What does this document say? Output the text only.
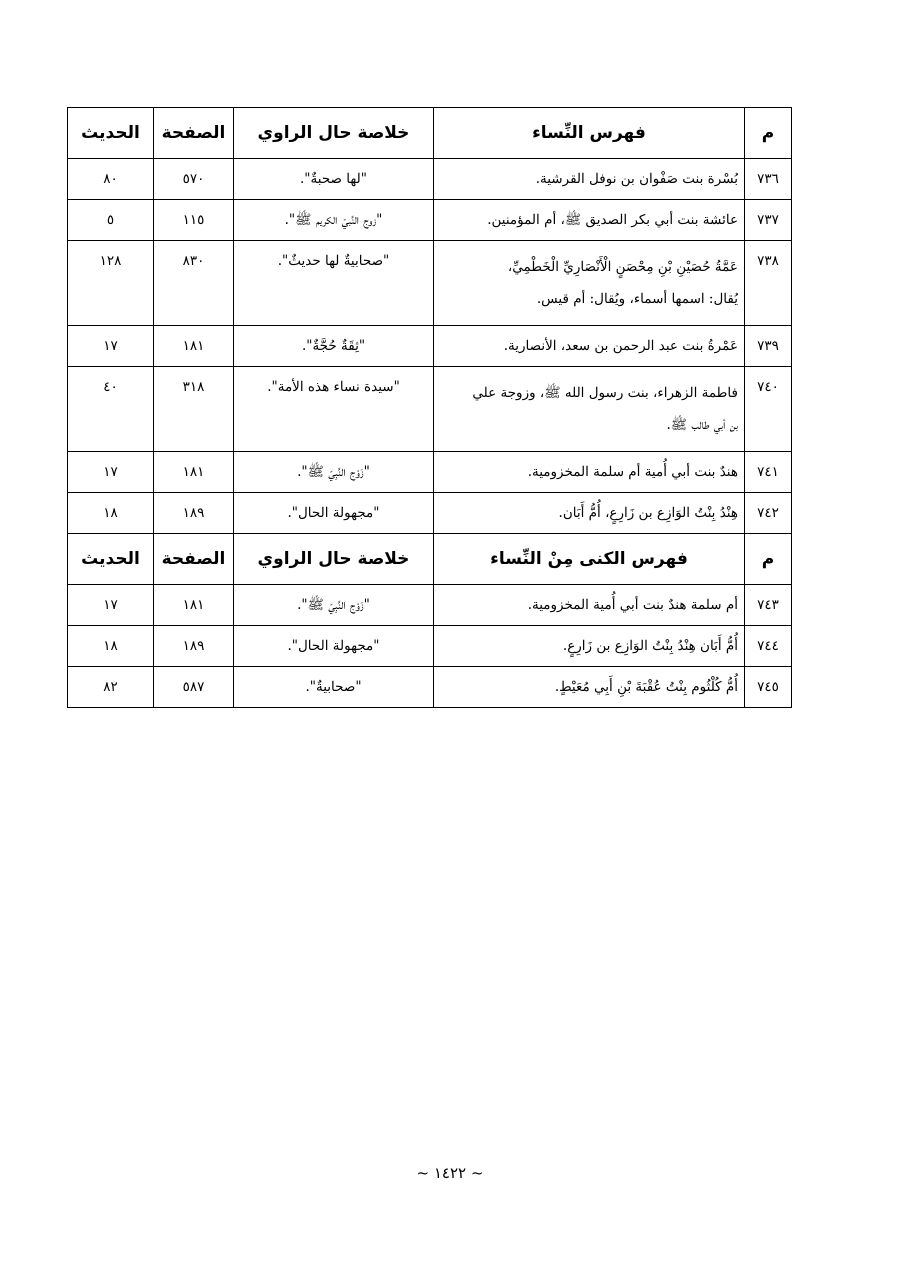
م	فهرس النِّساء	خلاصة حال الراوي	الصفحة	الحديث
٧٣٦	بُسْرة بنت صَفْوان بن نوفل القرشية.	"لها صحبةٌ".	٥٧٠	٨٠
٧٣٧	عائشة بنت أبي بكر الصديق ﷺ، أم المؤمنين.	"زوج النَّبيّ الكريم ﷺ".	١١٥	٥
٧٣٨	عَمَّةُ حُصَيْنِ بْنِ مِحْصَنٍ الْأَنْصَارِيِّ الْخَطْمِيِّ،
يُقال: اسمها أسماء، ويُقال: أم قيس.	"صحابيةٌ لها حديثٌ".	٨٣٠	١٢٨
٧٣٩	عَمْرةُ بنت عبد الرحمن بن سعد، الأنصارية.	"ثِقَةٌ حُجَّةٌ".	١٨١	١٧
٧٤٠	فاطمة الزهراء، بنت رسول الله ﷺ، وزوجة علي
بن أبي طالب ﷺ.	"سيدة نساء هذه الأمة".	٣١٨	٤٠
٧٤١	هندٌ بنت أبي أُمية أم سلمة المخزومية.	"زَوْج النَّبِيّ ﷺ".	١٨١	١٧
٧٤٢	هِنْدُ بِنْتُ الوَازِع بن زَارِعٍ، أُمُّ أَبَان.	"مجهولة الحال".	١٨٩	١٨
م	فهرس الكنى مِنْ النِّساء	خلاصة حال الراوي	الصفحة	الحديث
٧٤٣	أم سلمة هندٌ بنت أبي أُمية المخزومية.	"زَوْج النَّبِيّ ﷺ".	١٨١	١٧
٧٤٤	أُمُّ أَبَان هِنْدُ بِنْتُ الوَازِع بن زَارِعٍ.	"مجهولة الحال".	١٨٩	١٨
٧٤٥	أُمُّ كُلْثُوم بِنْتُ عُقْبَةَ بْنِ أَبِي مُعَيْطٍ.	"صحابيةٌ".	٥٨٧	٨٢
~ ١٤٢٢ ~
